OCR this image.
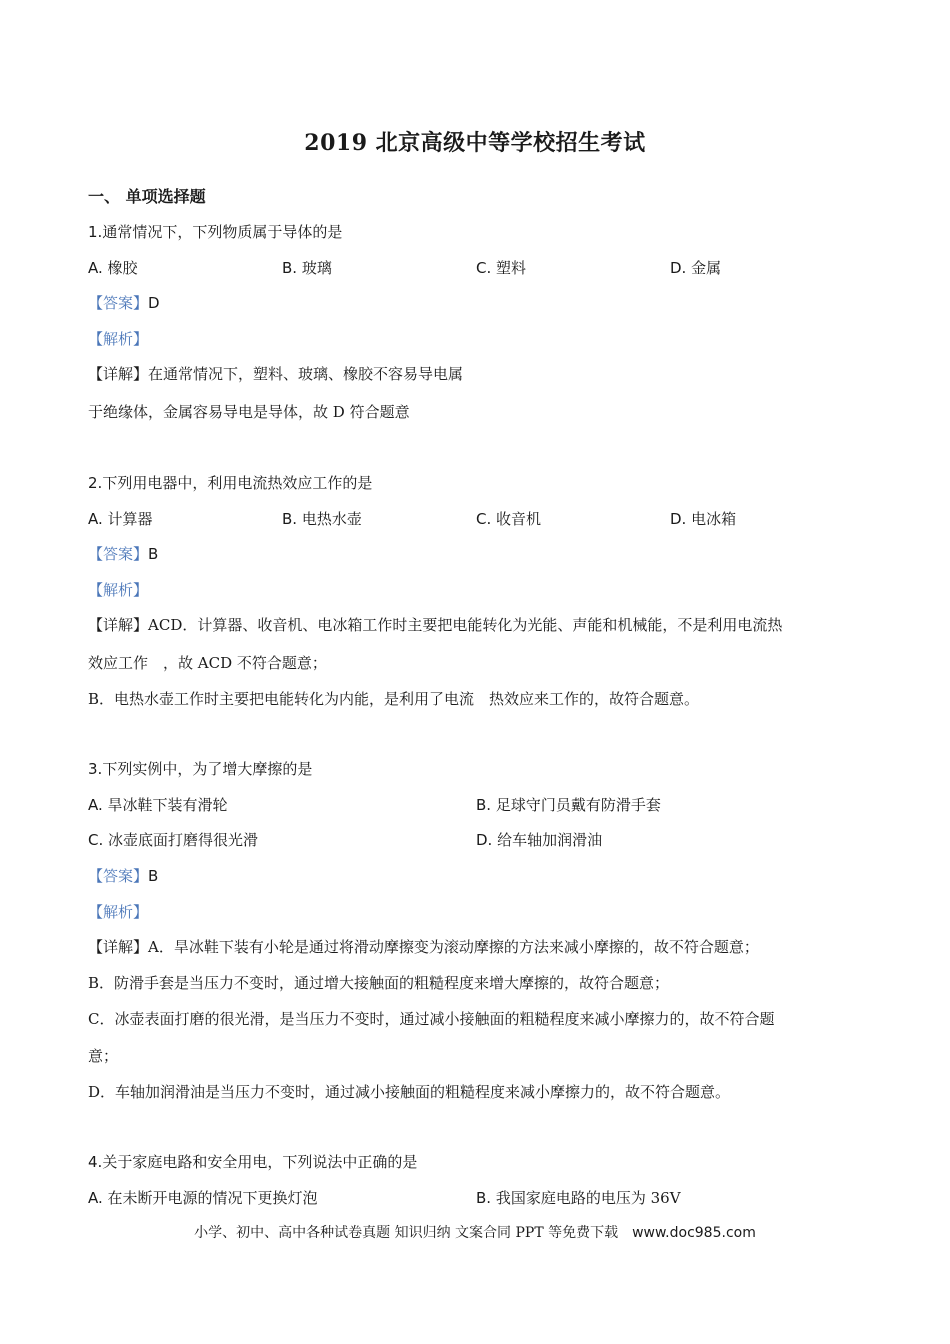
2019 北京高级中等学校招生考试
一、 单项选择题
1.通常情况下，下列物质属于导体的是
A. 橡胶	B. 玻璃	C. 塑料	D. 金属
【答案】D
【解析】
【详解】在通常情况下，塑料、玻璃、橡胶不容易导电属
于绝缘体，金属容易导电是导体，故 D 符合题意
2.下列用电器中，利用电流热效应工作的是
A. 计算器	B. 电热水壶	C. 收音机	D. 电冰箱
【答案】B
【解析】
【详解】ACD．计算器、收音机、电冰箱工作时主要把电能转化为光能、声能和机械能，不是利用电流热
效应工作　，故 ACD 不符合题意；
B．电热水壶工作时主要把电能转化为内能，是利用了电流　热效应来工作的，故符合题意。
3.下列实例中，为了增大摩擦的是
A. 旱冰鞋下装有滑轮	B. 足球守门员戴有防滑手套
C. 冰壶底面打磨得很光滑	D. 给车轴加润滑油
【答案】B
【解析】
【详解】A．旱冰鞋下装有小轮是通过将滑动摩擦变为滚动摩擦的方法来减小摩擦的，故不符合题意；
B．防滑手套是当压力不变时，通过增大接触面的粗糙程度来增大摩擦的，故符合题意；
C．冰壶表面打磨的很光滑，是当压力不变时，通过减小接触面的粗糙程度来减小摩擦力的，故不符合题
意；
D．车轴加润滑油是当压力不变时，通过减小接触面的粗糙程度来减小摩擦力的，故不符合题意。
4.关于家庭电路和安全用电，下列说法中正确的是
A. 在未断开电源的情况下更换灯泡	B. 我国家庭电路的电压为 36V
小学、初中、高中各种试卷真题 知识归纳 文案合同 PPT 等免费下载 www.doc985.com
